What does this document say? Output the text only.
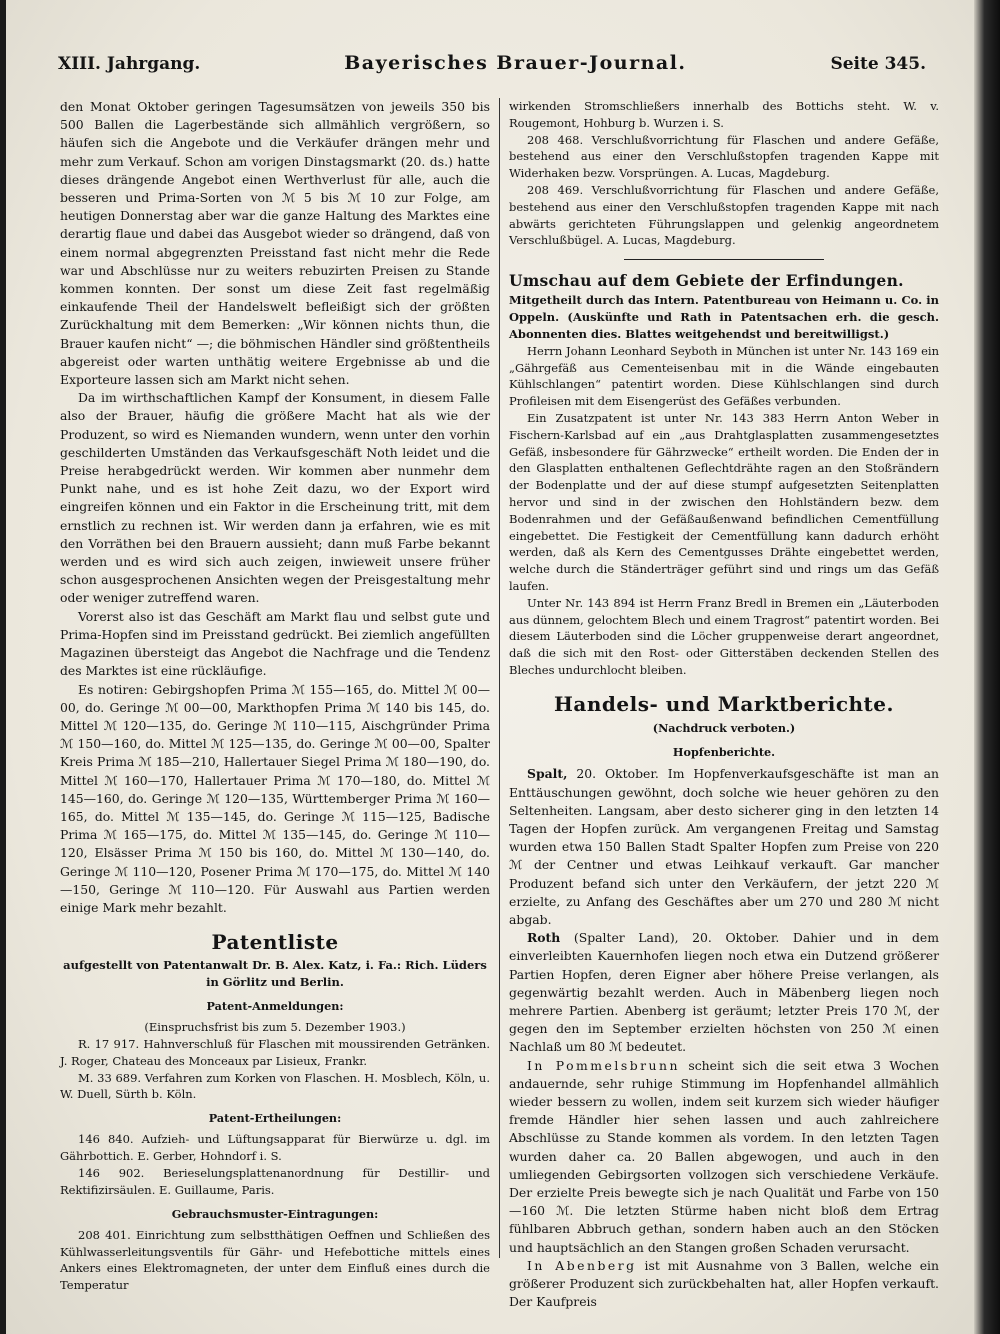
XIII. Jahrgang.	Bayerisches Brauer-Journal.	Seite 345.

den Monat Oktober geringen Tagesumsätzen von jeweils 350 bis 500 Ballen die Lagerbestände sich allmählich vergrößern, so häufen sich die Angebote und die Verkäufer drängen mehr und mehr zum Verkauf. Schon am vorigen Dinstagsmarkt (20. ds.) hatte dieses drängende Angebot einen Werthverlust für alle, auch die besseren und Prima-Sorten von ℳ 5 bis ℳ 10 zur Folge, am heutigen Donnerstag aber war die ganze Haltung des Marktes eine derartig flaue und dabei das Ausgebot wieder so drängend, daß von einem normal abgegrenzten Preisstand fast nicht mehr die Rede war und Abschlüsse nur zu weiters rebuzirten Preisen zu Stande kommen konnten. Der sonst um diese Zeit fast regelmäßig einkaufende Theil der Handelswelt befleißigt sich der größten Zurückhaltung mit dem Bemerken: „Wir können nichts thun, die Brauer kaufen nicht“ —; die böhmischen Händler sind größtentheils abgereist oder warten unthätig weitere Ergebnisse ab und die Exporteure lassen sich am Markt nicht sehen.

Da im wirthschaftlichen Kampf der Konsument, in diesem Falle also der Brauer, häufig die größere Macht hat als wie der Produzent, so wird es Niemanden wundern, wenn unter den vorhin geschilderten Umständen das Verkaufsgeschäft Noth leidet und die Preise herabgedrückt werden. Wir kommen aber nunmehr dem Punkt nahe, und es ist hohe Zeit dazu, wo der Export wird eingreifen können und ein Faktor in die Erscheinung tritt, mit dem ernstlich zu rechnen ist. Wir werden dann ja erfahren, wie es mit den Vorräthen bei den Brauern aussieht; dann muß Farbe bekannt werden und es wird sich auch zeigen, inwieweit unsere früher schon ausgesprochenen Ansichten wegen der Preisgestaltung mehr oder weniger zutreffend waren.

Vorerst also ist das Geschäft am Markt flau und selbst gute und Prima-Hopfen sind im Preisstand gedrückt. Bei ziemlich angefüllten Magazinen übersteigt das Angebot die Nachfrage und die Tendenz des Marktes ist eine rückläufige.

Es notiren: Gebirgshopfen Prima ℳ 155—165, do. Mittel ℳ 00—00, do. Geringe ℳ 00—00, Markthopfen Prima ℳ 140 bis 145, do. Mittel ℳ 120—135, do. Geringe ℳ 110—115, Aischgründer Prima ℳ 150—160, do. Mittel ℳ 125—135, do. Geringe ℳ 00—00, Spalter Kreis Prima ℳ 185—210, Hallertauer Siegel Prima ℳ 180—190, do. Mittel ℳ 160—170, Hallertauer Prima ℳ 170—180, do. Mittel ℳ 145—160, do. Geringe ℳ 120—135, Württemberger Prima ℳ 160—165, do. Mittel ℳ 135—145, do. Geringe ℳ 115—125, Badische Prima ℳ 165—175, do. Mittel ℳ 135—145, do. Geringe ℳ 110—120, Elsässer Prima ℳ 150 bis 160, do. Mittel ℳ 130—140, do. Geringe ℳ 110—120, Posener Prima ℳ 170—175, do. Mittel ℳ 140—150, Geringe ℳ 110—120. Für Auswahl aus Partien werden einige Mark mehr bezahlt.

Patentliste

aufgestellt von Patentanwalt Dr. B. Alex. Katz, i. Fa.: Rich. Lüders in Görlitz und Berlin.

Patent-Anmeldungen:

(Einspruchsfrist bis zum 5. Dezember 1903.)

R. 17 917. Hahnverschluß für Flaschen mit moussirenden Getränken. J. Roger, Chateau des Monceaux par Lisieux, Frankr.

M. 33 689. Verfahren zum Korken von Flaschen. H. Mosblech, Köln, u. W. Duell, Sürth b. Köln.

Patent-Ertheilungen:

146 840. Aufzieh- und Lüftungsapparat für Bierwürze u. dgl. im Gährbottich. E. Gerber, Hohndorf i. S.

146 902. Berieselungsplattenanordnung für Destillir- und Rektifizirsäulen. E. Guillaume, Paris.

Gebrauchsmuster-Eintragungen:

208 401. Einrichtung zum selbstthätigen Oeffnen und Schließen des Kühlwasserleitungsventils für Gähr- und Hefebottiche mittels eines Ankers eines Elektromagneten, der unter dem Einfluß eines durch die Temperatur

wirkenden Stromschließers innerhalb des Bottichs steht. W. v. Rougemont, Hohburg b. Wurzen i. S.

208 468. Verschlußvorrichtung für Flaschen und andere Gefäße, bestehend aus einer den Verschlußstopfen tragenden Kappe mit Widerhaken bezw. Vorsprüngen. A. Lucas, Magdeburg.

208 469. Verschlußvorrichtung für Flaschen und andere Gefäße, bestehend aus einer den Verschlußstopfen tragenden Kappe mit nach abwärts gerichteten Führungslappen und gelenkig angeordnetem Verschlußbügel. A. Lucas, Magdeburg.

Umschau auf dem Gebiete der Erfindungen.

Mitgetheilt durch das Intern. Patentbureau von Heimann u. Co. in Oppeln. (Auskünfte und Rath in Patentsachen erh. die gesch. Abonnenten dies. Blattes weitgehendst und bereitwilligst.)

Herrn Johann Leonhard Seyboth in München ist unter Nr. 143 169 ein „Gährgefäß aus Cementeisenbau mit in die Wände eingebauten Kühlschlangen“ patentirt worden. Diese Kühlschlangen sind durch Profileisen mit dem Eisengerüst des Gefäßes verbunden.

Ein Zusatzpatent ist unter Nr. 143 383 Herrn Anton Weber in Fischern-Karlsbad auf ein „aus Drahtglasplatten zusammengesetztes Gefäß, insbesondere für Gährzwecke“ ertheilt worden. Die Enden der in den Glasplatten enthaltenen Geflechtdrähte ragen an den Stoßrändern der Bodenplatte und der auf diese stumpf aufgesetzten Seitenplatten hervor und sind in der zwischen den Hohlständern bezw. dem Bodenrahmen und der Gefäßaußenwand befindlichen Cementfüllung eingebettet. Die Festigkeit der Cementfüllung kann dadurch erhöht werden, daß als Kern des Cementgusses Drähte eingebettet werden, welche durch die Ständerträger geführt sind und rings um das Gefäß laufen.

Unter Nr. 143 894 ist Herrn Franz Bredl in Bremen ein „Läuterboden aus dünnem, gelochtem Blech und einem Tragrost“ patentirt worden. Bei diesem Läuterboden sind die Löcher gruppenweise derart angeordnet, daß die sich mit den Rost- oder Gitterstäben deckenden Stellen des Bleches undurchlocht bleiben.

Handels- und Marktberichte.
(Nachdruck verboten.)
Hopfenberichte.

Spalt, 20. Oktober. Im Hopfenverkaufsgeschäfte ist man an Enttäuschungen gewöhnt, doch solche wie heuer gehören zu den Seltenheiten. Langsam, aber desto sicherer ging in den letzten 14 Tagen der Hopfen zurück. Am vergangenen Freitag und Samstag wurden etwa 150 Ballen Stadt Spalter Hopfen zum Preise von 220 ℳ der Centner und etwas Leihkauf verkauft. Gar mancher Produzent befand sich unter den Verkäufern, der jetzt 220 ℳ erzielte, zu Anfang des Geschäftes aber um 270 und 280 ℳ nicht abgab.

Roth (Spalter Land), 20. Oktober. Dahier und in dem einverleibten Kauernhofen liegen noch etwa ein Dutzend größerer Partien Hopfen, deren Eigner aber höhere Preise verlangen, als gegenwärtig bezahlt werden. Auch in Mäbenberg liegen noch mehrere Partien. Abenberg ist geräumt; letzter Preis 170 ℳ, der gegen den im September erzielten höchsten von 250 ℳ einen Nachlaß um 80 ℳ bedeutet.

In Pommelsbrunn scheint sich die seit etwa 3 Wochen andauernde, sehr ruhige Stimmung im Hopfenhandel allmählich wieder bessern zu wollen, indem seit kurzem sich wieder häufiger fremde Händler hier sehen lassen und auch zahlreichere Abschlüsse zu Stande kommen als vordem. In den letzten Tagen wurden daher ca. 20 Ballen abgewogen, und auch in den umliegenden Gebirgsorten vollzogen sich verschiedene Verkäufe. Der erzielte Preis bewegte sich je nach Qualität und Farbe von 150—160 ℳ. Die letzten Stürme haben nicht bloß dem Ertrag fühlbaren Abbruch gethan, sondern haben auch an den Stöcken und hauptsächlich an den Stangen großen Schaden verursacht.

In Abenberg ist mit Ausnahme von 3 Ballen, welche ein größerer Produzent sich zurückbehalten hat, aller Hopfen verkauft. Der Kaufpreis
